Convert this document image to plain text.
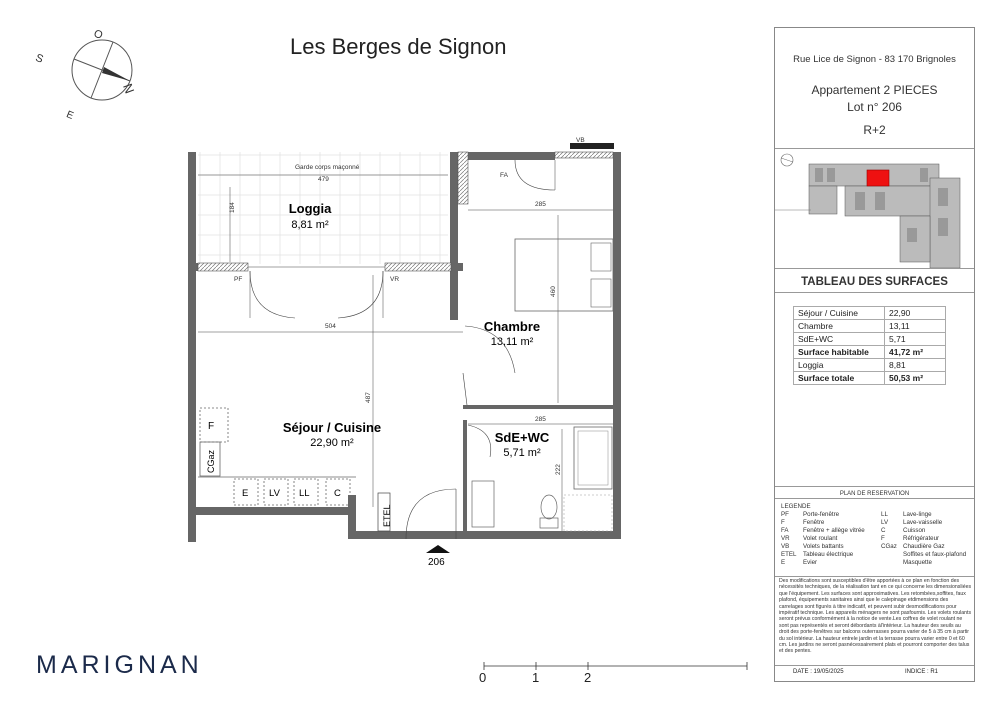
Les Berges de Signon
O
S
N
E
VB
Garde corps maçonné
479
184	Loggia
8,81 m²
PF	VR
FA
285
460
Chambre
13,11 m²
504
487
Séjour / Cuisine
22,90 m²
F
CGaz
E LV LL	C
ETEL
206
285
222
SdE+WC
5,71 m²
MARIGNAN	0	1	2
Rue Lice de Signon - 83 170 Brignoles
Appartement 2 PIECES
Lot n° 206
R+2
TABLEAU DES SURFACES
Séjour / Cuisine	22,90
Chambre	13,11
SdE+WC	5,71
Surface habitable	41,72 m²
Loggia	8,81
Surface totale	50,53 m²
PLAN DE RESERVATION
LEGENDE
PF	Porte-fenêtre
F	Fenêtre
FA	Fenêtre + allège vitrée
VR	Volet roulant
VB	Volets battants
ETEL	Tableau électrique
E	Evier
LL	Lave-linge
LV	Lave-vaisselle
C	Cuisson
F	Réfrigérateur
CGaz Chaudière Gaz
Soffites et faux-plafond
Masquette
Des modifications sont susceptibles d'être apportées à ce plan en fonction des nécessités techniques, de la réalisation tant en ce qui concerne les dimensionsliées que l'équipement. Les surfaces sont approximatives. Les retombées,soffites, faux plafond, équipements sanitaires ainsi que le calepinage etdimensions des carrelages sont figurés à titre indicatif, et peuvent subir desmodifications pour impératif technique. Les appareils ménagers ne sont pasfournis. Les volets roulants seront prévus conformément à la notice de vente.Les coffres de volet roulant ne sont pas représentés et seront débordants àl'intérieur. La hauteur des seuils au droit des porte-fenêtres sur balcons outerrasses pourra varier de 5 à 35 cm à partir du sol intérieur. La hauteur entrele jardin et la terrasse pourra varier entre 0 et 60 cm. Les jardins ne seront pasnécessairement plats et pourront comporter des talus et des pentes.
DATE : 19/05/2025	INDICE : R1
